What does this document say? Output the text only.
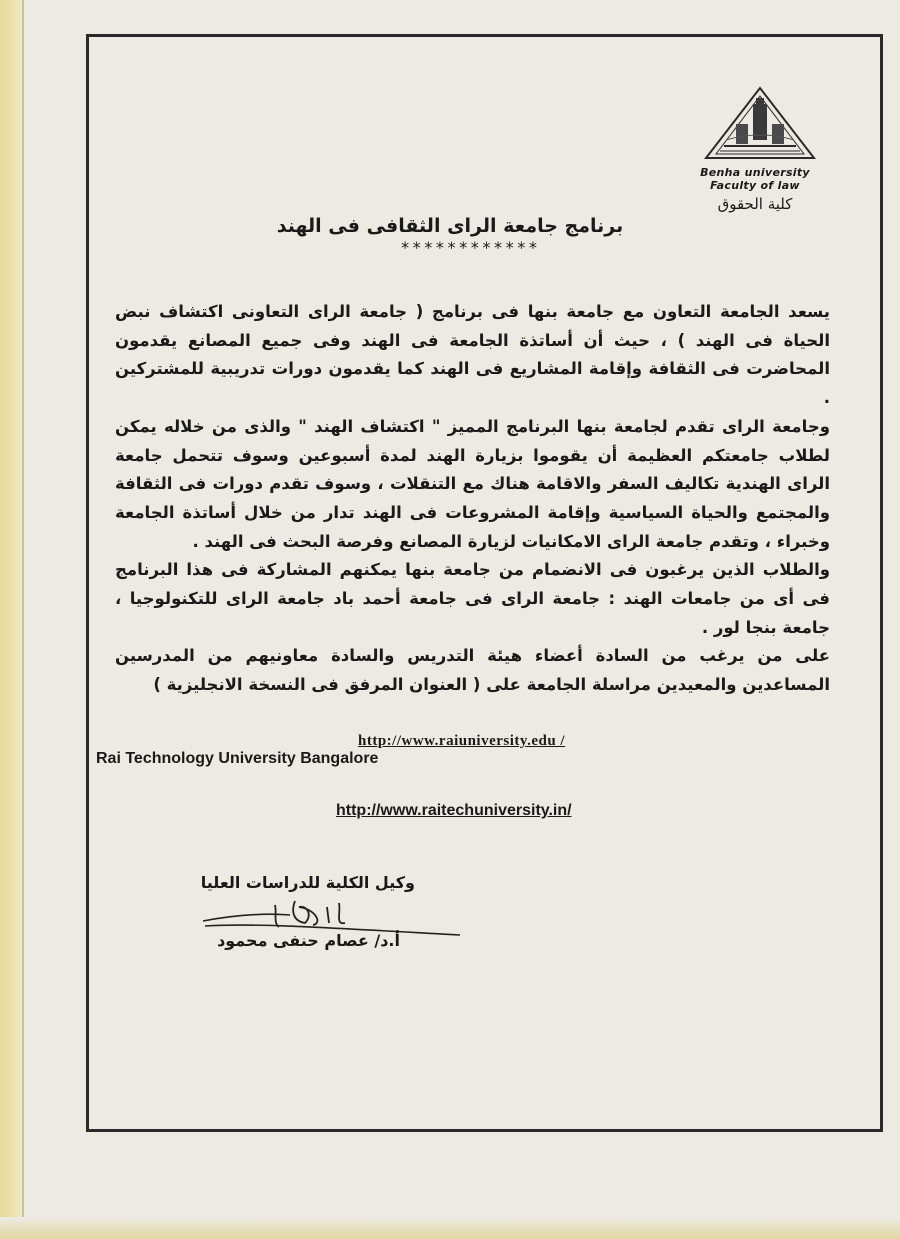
Benha university
Faculty of law
كلية الحقوق
برنامج جامعة الراى الثقافى فى الهند
************

يسعد الجامعة التعاون مع جامعة بنها فى برنامج ( جامعة الراى التعاونى اكتشاف نبض الحياة فى الهند ) ، حيث أن أساتذة الجامعة فى الهند وفى جميع المصانع يقدمون المحاضرت فى الثقافة وإقامة المشاريع فى الهند كما يقدمون دورات تدريبية للمشتركين .

وجامعة الراى تقدم لجامعة بنها البرنامج المميز " اكتشاف الهند " والذى من خلاله يمكن لطلاب جامعتكم العظيمة أن يقوموا بزيارة الهند لمدة أسبوعين وسوف تتحمل جامعة الراى الهندية تكاليف السفر والاقامة هناك مع التنقلات ، وسوف تقدم دورات فى الثقافة والمجتمع والحياة السياسية وإقامة المشروعات فى الهند تدار من خلال أساتذة الجامعة وخبراء ، وتقدم جامعة الراى الامكانيات لزيارة المصانع وفرصة البحث فى الهند .

والطلاب الذين يرغبون فى الانضمام من جامعة بنها يمكنهم المشاركة فى هذا البرنامج فى أى من جامعات الهند : جامعة الراى فى جامعة أحمد باد جامعة الراى للتكنولوجيا ، جامعة بنجا لور .

على من يرغب من السادة أعضاء هيئة التدريس والسادة معاونيهم من المدرسين المساعدين والمعيدين مراسلة الجامعة على ( العنوان المرفق فى النسخة الانجليزية )

http://www.raiuniversity.edu /
Rai Technology University Bangalore
http://www.raitechuniversity.in/
وكيل الكلية للدراسات العليا
أ.د/ عصام حنفى محمود
